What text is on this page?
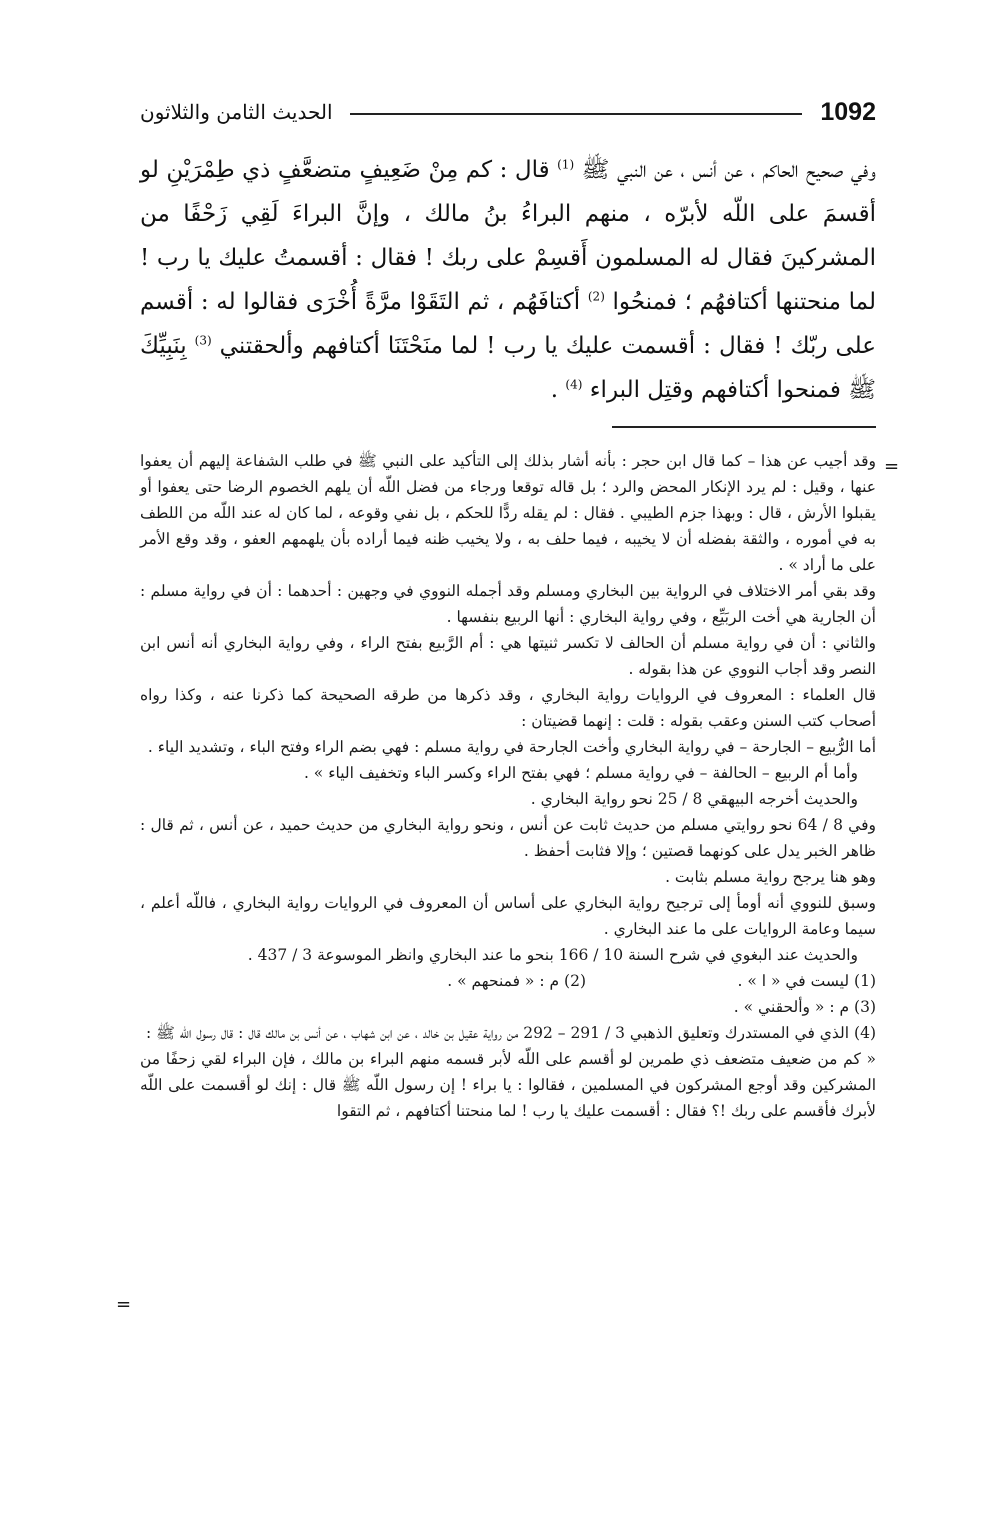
1092
الحديث الثامن والثلاثون

وفي صحيح الحاكم ، عن أنس ، عن النبي ﷺ $^{(1)}$ قال : كم مِنْ ضَعِيفٍ متضعَّفٍ ذي طِمْرَيْنِ لو أقسمَ على اللّه لأبرّه ، منهم البراءُ بنُ مالك ، وإنَّ البراءَ لَقِي زَحْفًا من المشركينَ فقال له المسلمون أَقسِمْ على ربك ! فقال : أقسمتُ عليك يا رب ! لما منحتنها أكتافهُم ؛ فمنحُوا $^{(2)}$ أكتافَهُم ، ثم التَقَوْا مرَّةً أُخْرَى فقالوا له : أقسم على ربّك ! فقال : أقسمت عليك يا رب ! لما منَحْتَنَا أكتافهم وألحقتني $^{(3)}$ بِنَبِيِّكَ ﷺ فمنحوا أكتافهم وقتِل البراء $^{(4)}$ .

=

وقد أجيب عن هذا – كما قال ابن حجر : بأنه أشار بذلك إلى التأكيد على النبي ﷺ في طلب الشفاعة إليهم أن يعفوا عنها ، وقيل : لم يرد الإنكار المحض والرد ؛ بل قاله توقعا ورجاء من فضل اللّه أن يلهم الخصوم الرضا حتى يعفوا أو يقبلوا الأرش ، قال : وبهذا جزم الطيبي . فقال : لم يقله ردًّا للحكم ، بل نفي وقوعه ، لما كان له عند اللّه من اللطف به في أموره ، والثقة بفضله أن لا يخيبه ، فيما حلف به ، ولا يخيب ظنه فيما أراده بأن يلهمهم العفو ، وقد وقع الأمر على ما أراد » .

وقد بقي أمر الاختلاف في الرواية بين البخاري ومسلم وقد أجمله النووي في وجهين : أحدهما : أن في رواية مسلم : أن الجارية هي أخت الربَيِّع ، وفي رواية البخاري : أنها الربيع بنفسها .

والثاني : أن في رواية مسلم أن الحالف لا تكسر ثنيتها هي : أم الرَّبيع بفتح الراء ، وفي رواية البخاري أنه أنس ابن النصر وقد أجاب النووي عن هذا بقوله .

قال العلماء : المعروف في الروايات رواية البخاري ، وقد ذكرها من طرقه الصحيحة كما ذكرنا عنه ، وكذا رواه أصحاب كتب السنن وعقب بقوله : قلت : إنهما قضيتان :

أما الرُّبيع – الجارحة – في رواية البخاري وأخت الجارحة في رواية مسلم : فهي بضم الراء وفتح الباء ، وتشديد الياء .

وأما أم الربيع – الحالفة – في رواية مسلم ؛ فهي بفتح الراء وكسر الباء وتخفيف الياء » .

والحديث أخرجه البيهقي 8 / 25 نحو رواية البخاري .

وفي 8 / 64 نحو روايتي مسلم من حديث ثابت عن أنس ، ونحو رواية البخاري من حديث حميد ، عن أنس ، ثم قال : ظاهر الخبر يدل على كونهما قصتين ؛ وإلا فثابت أحفظ .

وهو هنا يرجح رواية مسلم بثابت .

وسبق للنووي أنه أومأ إلى ترجيح رواية البخاري على أساس أن المعروف في الروايات رواية البخاري ، فاللّه أعلم ، سيما وعامة الروايات على ما عند البخاري .

والحديث عند البغوي في شرح السنة 10 / 166 بنحو ما عند البخاري وانظر الموسوعة 3 / 437 .

(1) ليست في « ا » .
(2) م : « فمنحهم » .

(3) م : « وألحقني » .

(4) الذي في المستدرك وتعليق الذهبي 3 / 291 – 292 من رواية عقيل بن خالد ، عن ابن شهاب ، عن أنس بن مالك قال : قال رسول اللّه ﷺ :

« كم من ضعيف متضعف ذي طمرين لو أقسم على اللّه لأبر قسمه منهم البراء بن مالك ، فإن البراء لقي زحفًا من المشركين وقد أوجع المشركون في المسلمين ، فقالوا : يا براء ! إن رسول اللّه ﷺ قال : إنك لو أقسمت على اللّه لأبرك فأقسم على ربك !؟ فقال : أقسمت عليك يا رب ! لما منحتنا أكتافهم ، ثم التقوا

=
